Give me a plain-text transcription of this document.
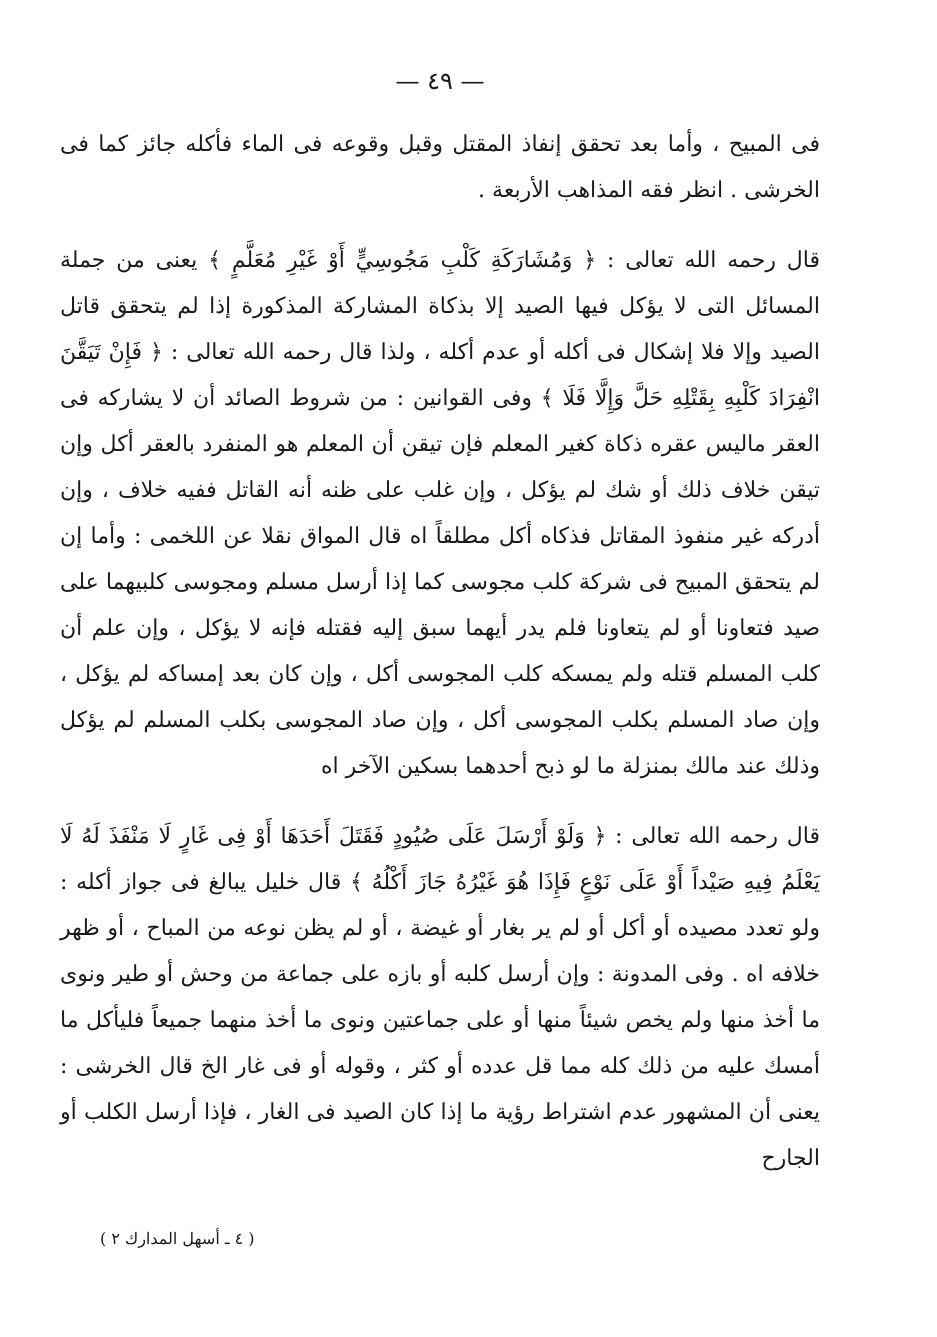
— ٤٩ —

فى المبيح ، وأما بعد تحقق إنفاذ المقتل وقبل وقوعه فى الماء فأكله جائز كما فى الخرشى . انظر فقه المذاهب الأربعة .

قال رحمه الله تعالى : ﴿ وَمُشَارَكَةِ كَلْبِ مَجُوسِيٍّ أَوْ غَيْرِ مُعَلَّمٍ ﴾ يعنى من جملة المسائل التى لا يؤكل فيها الصيد إلا بذكاة المشاركة المذكورة إذا لم يتحقق قاتل الصيد وإلا فلا إشكال فى أكله أو عدم أكله ، ولذا قال رحمه الله تعالى : ﴿ فَإِنْ تَيَقَّنَ انْفِرَادَ كَلْبِهِ بِقَتْلِهِ حَلَّ وَإِلَّا فَلَا ﴾ وفى القوانين : من شروط الصائد أن لا يشاركه فى العقر ماليس عقره ذكاة كغير المعلم فإن تيقن أن المعلم هو المنفرد بالعقر أكل وإن تيقن خلاف ذلك أو شك لم يؤكل ، وإن غلب على ظنه أنه القاتل ففيه خلاف ، وإن أدركه غير منفوذ المقاتل فذكاه أكل مطلقاً اه قال المواق نقلا عن اللخمى : وأما إن لم يتحقق المبيح فى شركة كلب مجوسى كما إذا أرسل مسلم ومجوسى كلبيهما على صيد فتعاونا أو لم يتعاونا فلم يدر أيهما سبق إليه فقتله فإنه لا يؤكل ، وإن علم أن كلب المسلم قتله ولم يمسكه كلب المجوسى أكل ، وإن كان بعد إمساكه لم يؤكل ، وإن صاد المسلم بكلب المجوسى أكل ، وإن صاد المجوسى بكلب المسلم لم يؤكل وذلك عند مالك بمنزلة ما لو ذبح أحدهما بسكين الآخر اه

قال رحمه الله تعالى : ﴿ وَلَوْ أَرْسَلَ عَلَى صُيُودٍ فَقَتَلَ أَحَدَهَا أَوْ فِى غَارٍ لَا مَنْفَذَ لَهُ لَا يَعْلَمُ فِيهِ صَيْداً أَوْ عَلَى نَوْعٍ فَإِذَا هُوَ غَيْرُهُ جَازَ أَكْلُهُ ﴾ قال خليل يبالغ فى جواز أكله : ولو تعدد مصيده أو أكل أو لم ير بغار أو غيضة ، أو لم يظن نوعه من المباح ، أو ظهر خلافه اه . وفى المدونة : وإن أرسل كلبه أو بازه على جماعة من وحش أو طير ونوى ما أخذ منها ولم يخص شيئاً منها أو على جماعتين ونوى ما أخذ منهما جميعاً فليأكل ما أمسك عليه من ذلك كله مما قل عدده أو كثر ، وقوله أو فى غار الخ قال الخرشى : يعنى أن المشهور عدم اشتراط رؤية ما إذا كان الصيد فى الغار ، فإذا أرسل الكلب أو الجارح

( ٤ ـ أسهل المدارك ٢ )
